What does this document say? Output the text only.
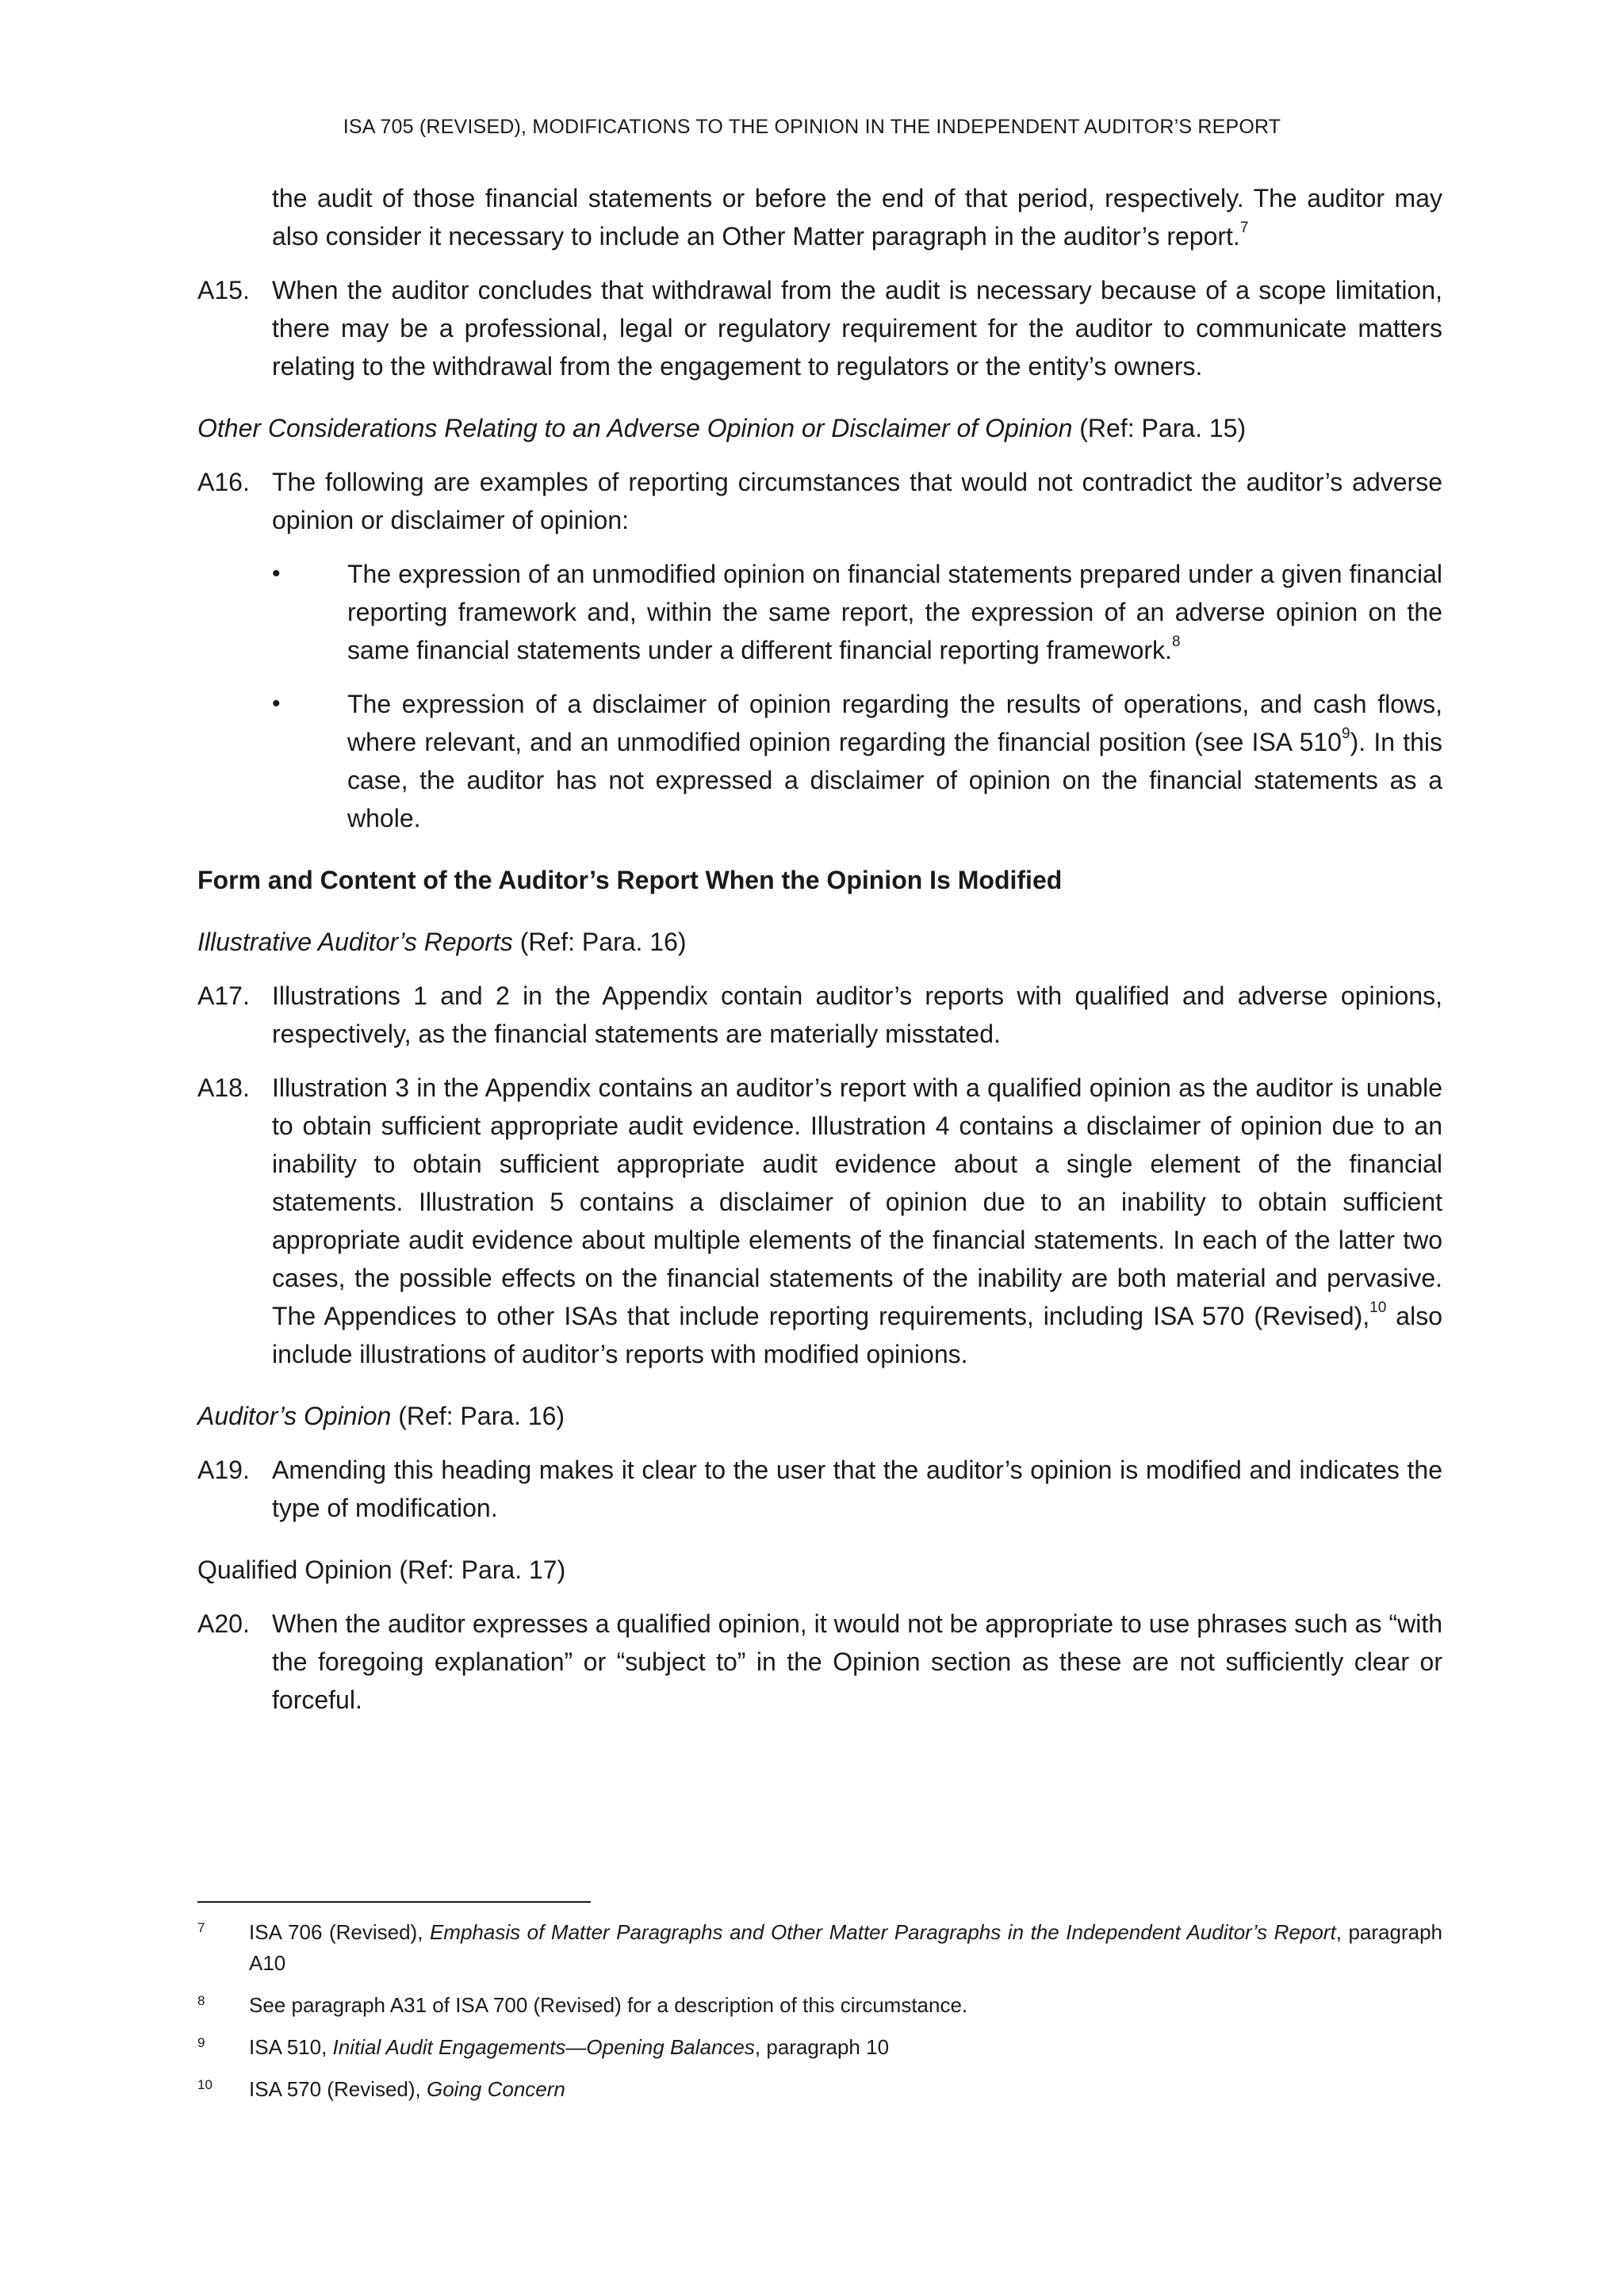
ISA 705 (REVISED), MODIFICATIONS TO THE OPINION IN THE INDEPENDENT AUDITOR’S REPORT

the audit of those financial statements or before the end of that period, respectively. The auditor may also consider it necessary to include an Other Matter paragraph in the auditor’s report.$^7$

A15. When the auditor concludes that withdrawal from the audit is necessary because of a scope limitation, there may be a professional, legal or regulatory requirement for the auditor to communicate matters relating to the withdrawal from the engagement to regulators or the entity’s owners.
Other Considerations Relating to an Adverse Opinion or Disclaimer of Opinion (Ref: Para. 15)
A16. The following are examples of reporting circumstances that would not contradict the auditor’s adverse opinion or disclaimer of opinion:
•	The expression of an unmodified opinion on financial statements prepared under a given financial reporting framework and, within the same report, the expression of an adverse opinion on the same financial statements under a different financial reporting framework.$^8$
•	The expression of a disclaimer of opinion regarding the results of operations, and cash flows, where relevant, and an unmodified opinion regarding the financial position (see ISA $510^9$). In this case, the auditor has not expressed a disclaimer of opinion on the financial statements as a whole.
Form and Content of the Auditor’s Report When the Opinion Is Modified
Illustrative Auditor’s Reports (Ref: Para. 16)
A17. Illustrations 1 and 2 in the Appendix contain auditor’s reports with qualified and adverse opinions, respectively, as the financial statements are materially misstated.
A18. Illustration 3 in the Appendix contains an auditor’s report with a qualified opinion as the auditor is unable to obtain sufficient appropriate audit evidence. Illustration 4 contains a disclaimer of opinion due to an inability to obtain sufficient appropriate audit evidence about a single element of the financial statements. Illustration 5 contains a disclaimer of opinion due to an inability to obtain sufficient appropriate audit evidence about multiple elements of the financial statements. In each of the latter two cases, the possible effects on the financial statements of the inability are both material and pervasive. The Appendices to other ISAs that include reporting requirements, including ISA 570 (Revised),$^{10}$ also include illustrations of auditor’s reports with modified opinions.
Auditor’s Opinion (Ref: Para. 16)
A19. Amending this heading makes it clear to the user that the auditor’s opinion is modified and indicates the type of modification.
Qualified Opinion (Ref: Para. 17)
A20. When the auditor expresses a qualified opinion, it would not be appropriate to use phrases such as “with the foregoing explanation” or “subject to” in the Opinion section as these are not sufficiently clear or forceful.
7 ISA 706 (Revised), Emphasis of Matter Paragraphs and Other Matter Paragraphs in the Independent Auditor’s Report, paragraph A10
8 See paragraph A31 of ISA 700 (Revised) for a description of this circumstance.
9 ISA 510, Initial Audit Engagements—Opening Balances, paragraph 10
10 ISA 570 (Revised), Going Concern
